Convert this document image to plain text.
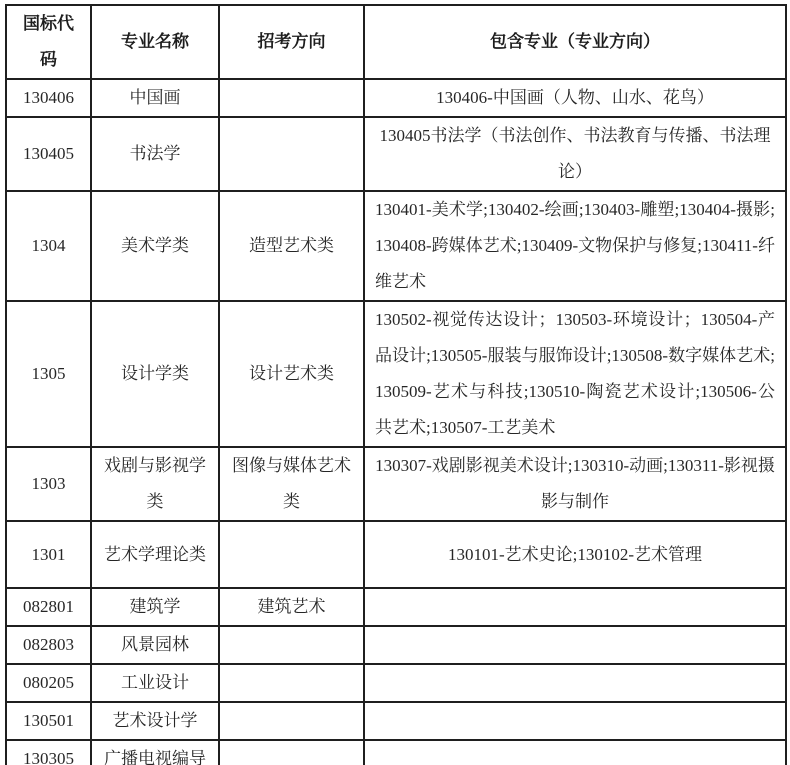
国标代码	专业名称	招考方向	包含专业（专业方向）
130406	中国画		130406-中国画（人物、山水、花鸟）
130405	书法学		130405书法学（书法创作、书法教育与传播、书法理论）
1304	美术学类	造型艺术类	130401-美术学;130402-绘画;130403-雕塑;130404-摄影;130408-跨媒体艺术;130409-文物保护与修复;130411-纤维艺术
1305	设计学类	设计艺术类	130502-视觉传达设计；130503-环境设计；130504-产品设计;130505-服装与服饰设计;130508-数字媒体艺术;130509-艺术与科技;130510-陶瓷艺术设计;130506-公共艺术;130507-工艺美术
1303	戏剧与影视学类	图像与媒体艺术类	130307-戏剧影视美术设计;130310-动画;130311-影视摄影与制作
1301	艺术学理论类		130101-艺术史论;130102-艺术管理
082801	建筑学	建筑艺术	
082803	风景园林		
080205	工业设计		
130501	艺术设计学		
130305	广播电视编导		
